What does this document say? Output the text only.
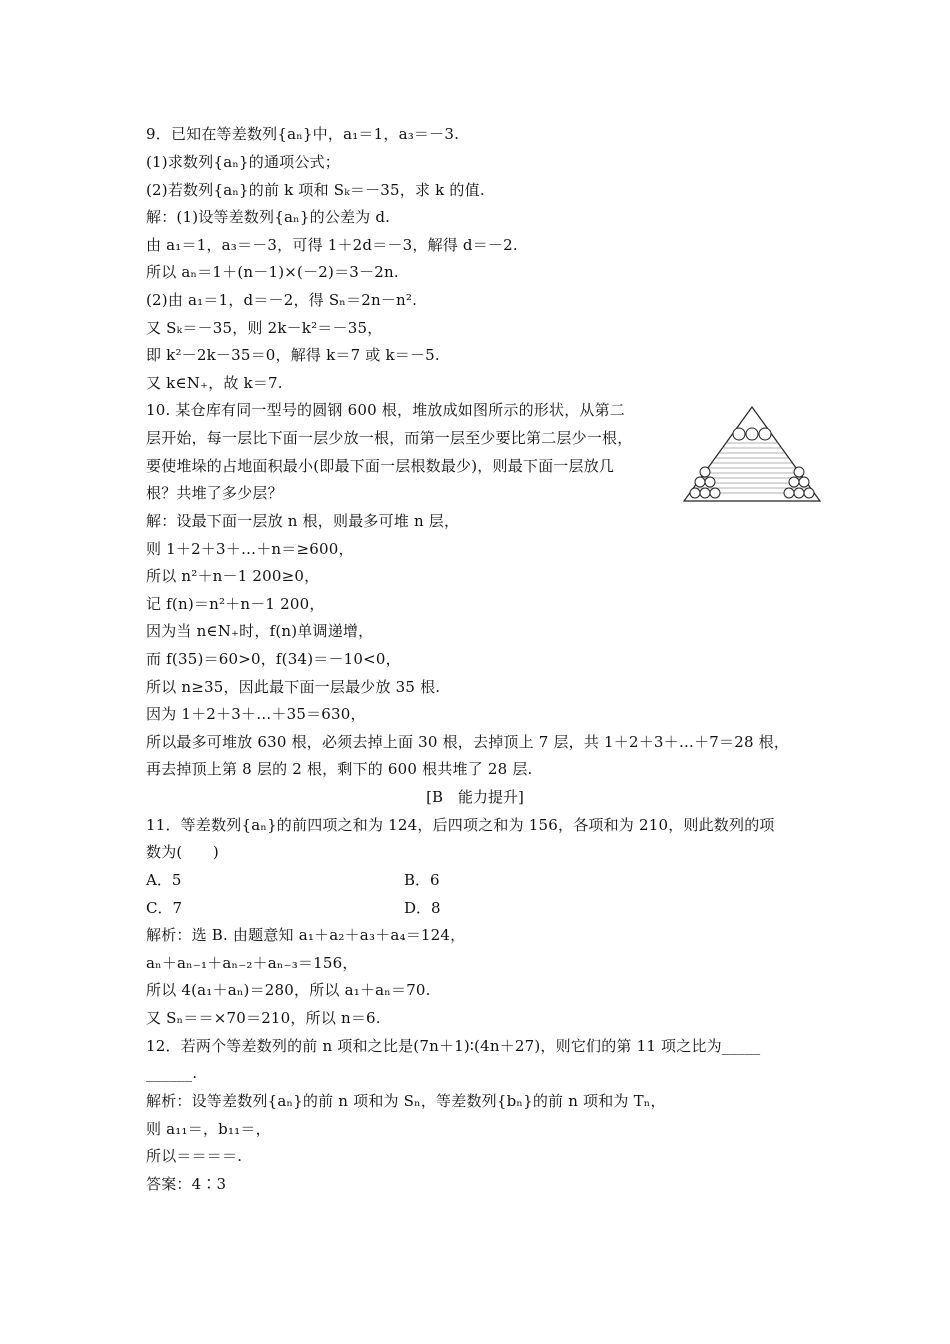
9．已知在等差数列{aₙ}中，a₁＝1，a₃＝－3.
(1)求数列{aₙ}的通项公式；
(2)若数列{aₙ}的前 k 项和 Sₖ＝－35，求 k 的值.
解：(1)设等差数列{aₙ}的公差为 d.
由 a₁＝1，a₃＝－3，可得 1＋2d＝－3，解得 d＝－2.
所以 aₙ＝1＋(n－1)×(－2)＝3－2n.
(2)由 a₁＝1，d＝－2，得 Sₙ＝2n－n².
又 Sₖ＝－35，则 2k－k²＝－35，
即 k²－2k－35＝0，解得 k＝7 或 k＝－5.
又 k∈N₊，故 k＝7.
10. 某仓库有同一型号的圆钢 600 根，堆放成如图所示的形状，从第二
层开始，每一层比下面一层少放一根，而第一层至少要比第二层少一根，
要使堆垛的占地面积最小(即最下面一层根数最少)，则最下面一层放几
根？共堆了多少层？
解：设最下面一层放 n 根，则最多可堆 n 层，
则 1＋2＋3＋…＋n＝≥600，
所以 n²＋n－1 200≥0，
记 f(n)＝n²＋n－1 200，
因为当 n∈N₊时，f(n)单调递增，
而 f(35)＝60>0，f(34)＝－10<0，
所以 n≥35，因此最下面一层最少放 35 根.
因为 1＋2＋3＋…＋35＝630，
所以最多可堆放 630 根，必须去掉上面 30 根，去掉顶上 7 层，共 1＋2＋3＋…＋7＝28 根，
再去掉顶上第 8 层的 2 根，剩下的 600 根共堆了 28 层.
[B　能力提升]
11．等差数列{aₙ}的前四项之和为 124，后四项之和为 156，各项和为 210，则此数列的项
数为(　　)
A．5	B．6
C．7	D．8
解析：选 B. 由题意知 a₁＋a₂＋a₃＋a₄＝124，
aₙ＋aₙ₋₁＋aₙ₋₂＋aₙ₋₃＝156，
所以 4(a₁＋aₙ)＝280，所以 a₁＋aₙ＝70.
又 Sₙ＝＝×70＝210，所以 n＝6.
12．若两个等差数列的前 n 项和之比是(7n＋1)∶(4n＋27)，则它们的第 11 项之比为_____
______.
解析：设等差数列{aₙ}的前 n 项和为 Sₙ，等差数列{bₙ}的前 n 项和为 Tₙ，
则 a₁₁＝，b₁₁＝，
所以＝＝＝＝.
答案：4∶3
